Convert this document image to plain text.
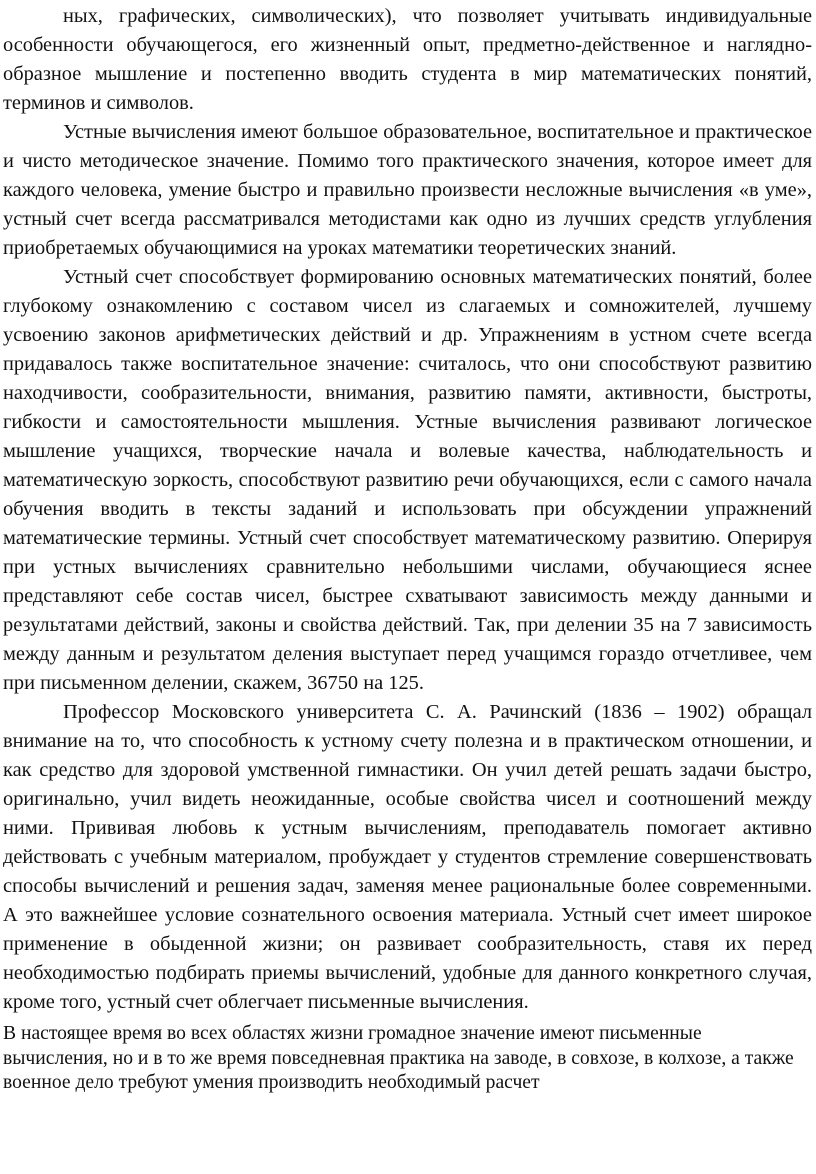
ных, графических, символических), что позволяет учитывать индивидуальные особенности обучающегося, его жизненный опыт, предметно-действенное и наглядно-образное мышление и постепенно вводить студента в мир математических понятий, терминов и символов.

Устные вычисления имеют большое образовательное, воспитательное и практическое и чисто методическое значение. Помимо того практического значения, которое имеет для каждого человека, умение быстро и правильно произвести несложные вычисления «в уме», устный счет всегда рассматривался методистами как одно из лучших средств углубления приобретаемых обучающимися на уроках математики теоретических знаний.

Устный счет способствует формированию основных математических понятий, более глубокому ознакомлению с составом чисел из слагаемых и сомножителей, лучшему усвоению законов арифметических действий и др. Упражнениям в устном счете всегда придавалось также воспитательное значение: считалось, что они способствуют развитию находчивости, сообразительности, внимания, развитию памяти, активности, быстроты, гибкости и самостоятельности мышления. Устные вычисления развивают логическое мышление учащихся, творческие начала и волевые качества, наблюдательность и математическую зоркость, способствуют развитию речи обучающихся, если с самого начала обучения вводить в тексты заданий и использовать при обсуждении упражнений математические термины. Устный счет способствует математическому развитию. Оперируя при устных вычислениях сравнительно небольшими числами, обучающиеся яснее представляют себе состав чисел, быстрее схватывают зависимость между данными и результатами действий, законы и свойства действий. Так, при делении 35 на 7 зависимость между данным и результатом деления выступает перед учащимся гораздо отчетливее, чем при письменном делении, скажем, 36750 на 125.

Профессор Московского университета С. А. Рачинский (1836 – 1902) обращал внимание на то, что способность к устному счету полезна и в практическом отношении, и как средство для здоровой умственной гимнастики. Он учил детей решать задачи быстро, оригинально, учил видеть неожиданные, особые свойства чисел и соотношений между ними. Прививая любовь к устным вычислениям, преподаватель помогает активно действовать с учебным материалом, пробуждает у студентов стремление совершенствовать способы вычислений и решения задач, заменяя менее рациональные более современными. А это важнейшее условие сознательного освоения материала. Устный счет имеет широкое применение в обыденной жизни; он развивает сообразительность, ставя их перед необходимостью подбирать приемы вычислений, удобные для данного конкретного случая, кроме того, устный счет облегчает письменные вычисления.

В настоящее время во всех областях жизни громадное значение имеют письменные вычисления, но и в то же время повседневная практика на заводе, в совхозе, в колхозе, а также военное дело требуют умения производить необходимый расчет
